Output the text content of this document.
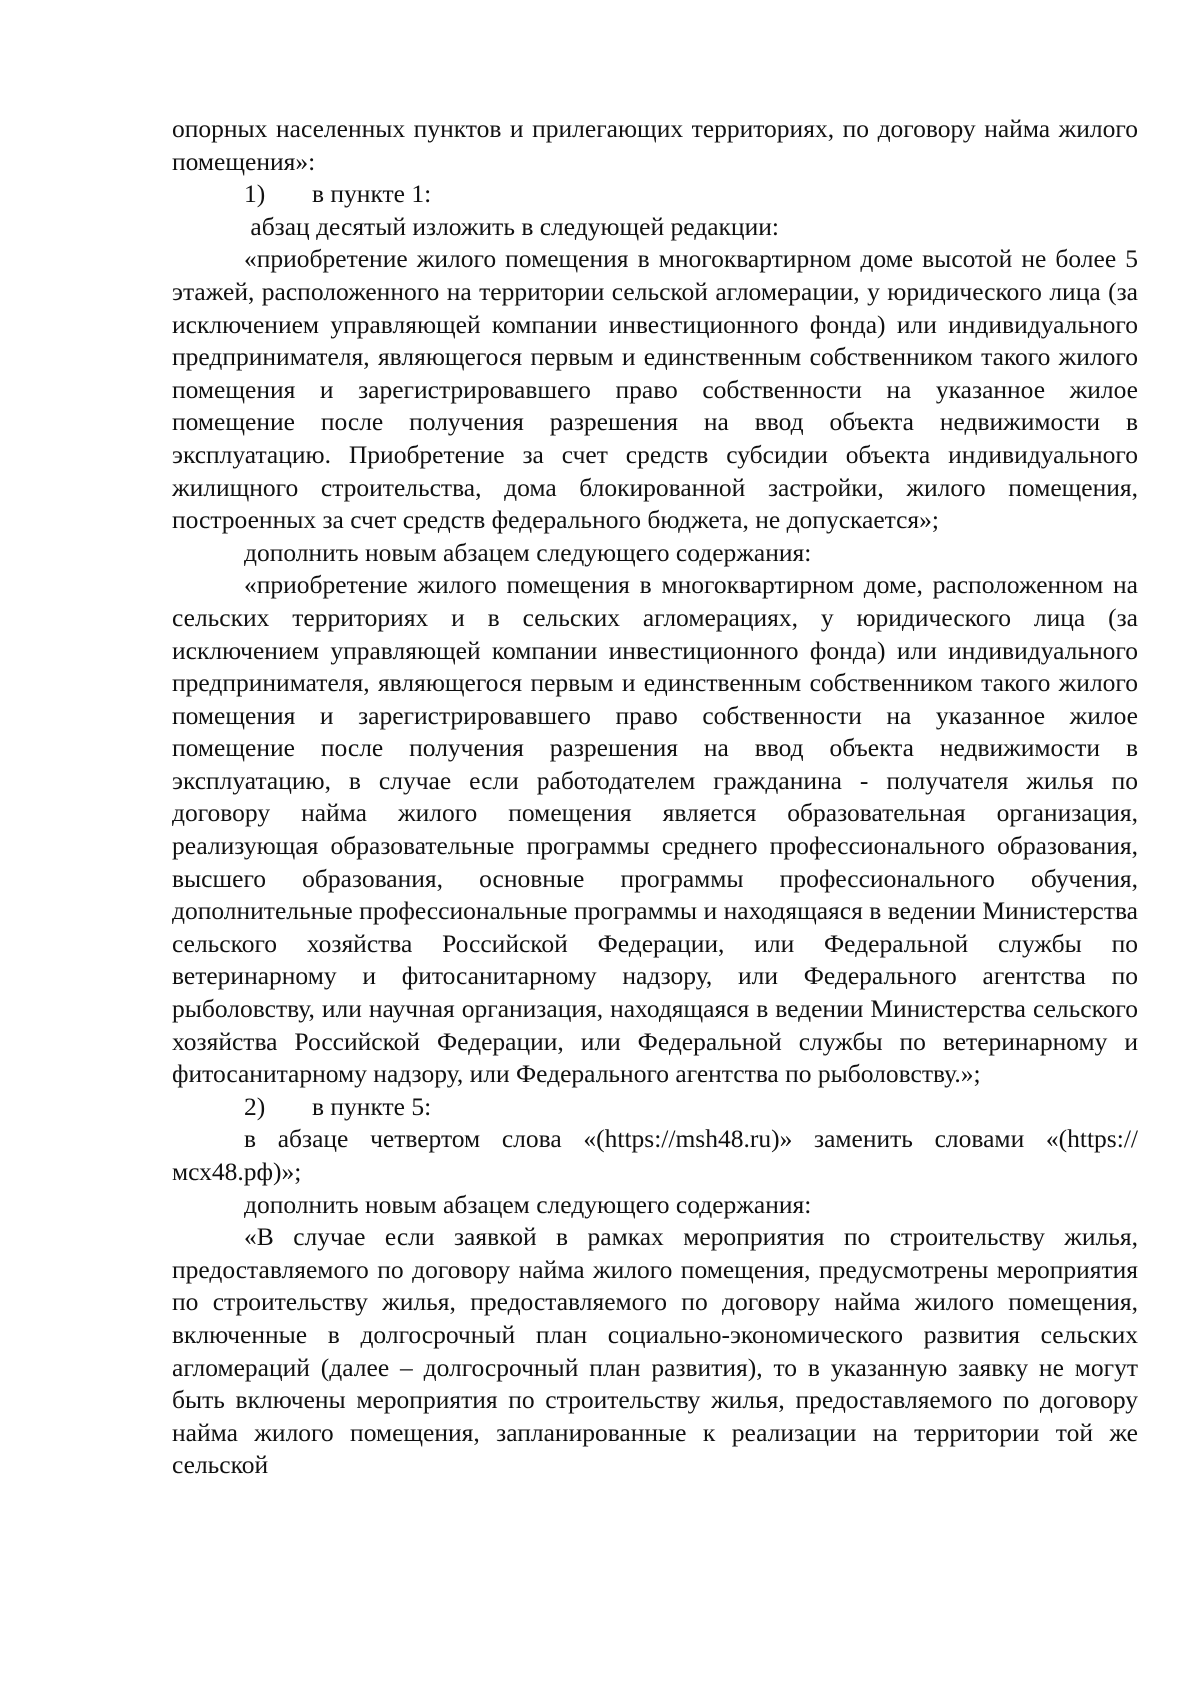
опорных населенных пунктов и прилегающих территориях, по договору найма жилого помещения»:

1)	в пункте 1:

абзац десятый изложить в следующей редакции:

«приобретение жилого помещения в многоквартирном доме высотой не более 5 этажей, расположенного на территории сельской агломерации, у юридического лица (за исключением управляющей компании инвестиционного фонда) или индивидуального предпринимателя, являющегося первым и единственным собственником такого жилого помещения и зарегистрировавшего право собственности на указанное жилое помещение после получения разрешения на ввод объекта недвижимости в эксплуатацию. Приобретение за счет средств субсидии объекта индивидуального жилищного строительства, дома блокированной застройки, жилого помещения, построенных за счет средств федерального бюджета, не допускается»;

дополнить новым абзацем следующего содержания:

«приобретение жилого помещения в многоквартирном доме, расположенном на сельских территориях и в сельских агломерациях, у юридического лица (за исключением управляющей компании инвестиционного фонда) или индивидуального предпринимателя, являющегося первым и единственным собственником такого жилого помещения и зарегистрировавшего право собственности на указанное жилое помещение после получения разрешения на ввод объекта недвижимости в эксплуатацию, в случае если работодателем гражданина - получателя жилья по договору найма жилого помещения является образовательная организация, реализующая образовательные программы среднего профессионального образования, высшего образования, основные программы профессионального обучения, дополнительные профессиональные программы и находящаяся в ведении Министерства сельского хозяйства Российской Федерации, или Федеральной службы по ветеринарному и фитосанитарному надзору, или Федерального агентства по рыболовству, или научная организация, находящаяся в ведении Министерства сельского хозяйства Российской Федерации, или Федеральной службы по ветеринарному и фитосанитарному надзору, или Федерального агентства по рыболовству.»;

2)	в пункте 5:

в абзаце четвертом слова «(https://msh48.ru)» заменить словами «(https://мсх48.рф)»;

дополнить новым абзацем следующего содержания:

«В случае если заявкой в рамках мероприятия по строительству жилья, предоставляемого по договору найма жилого помещения, предусмотрены мероприятия по строительству жилья, предоставляемого по договору найма жилого помещения, включенные в долгосрочный план социально-экономического развития сельских агломераций (далее – долгосрочный план развития), то в указанную заявку не могут быть включены мероприятия по строительству жилья, предоставляемого по договору найма жилого помещения, запланированные к реализации на территории той же сельской
